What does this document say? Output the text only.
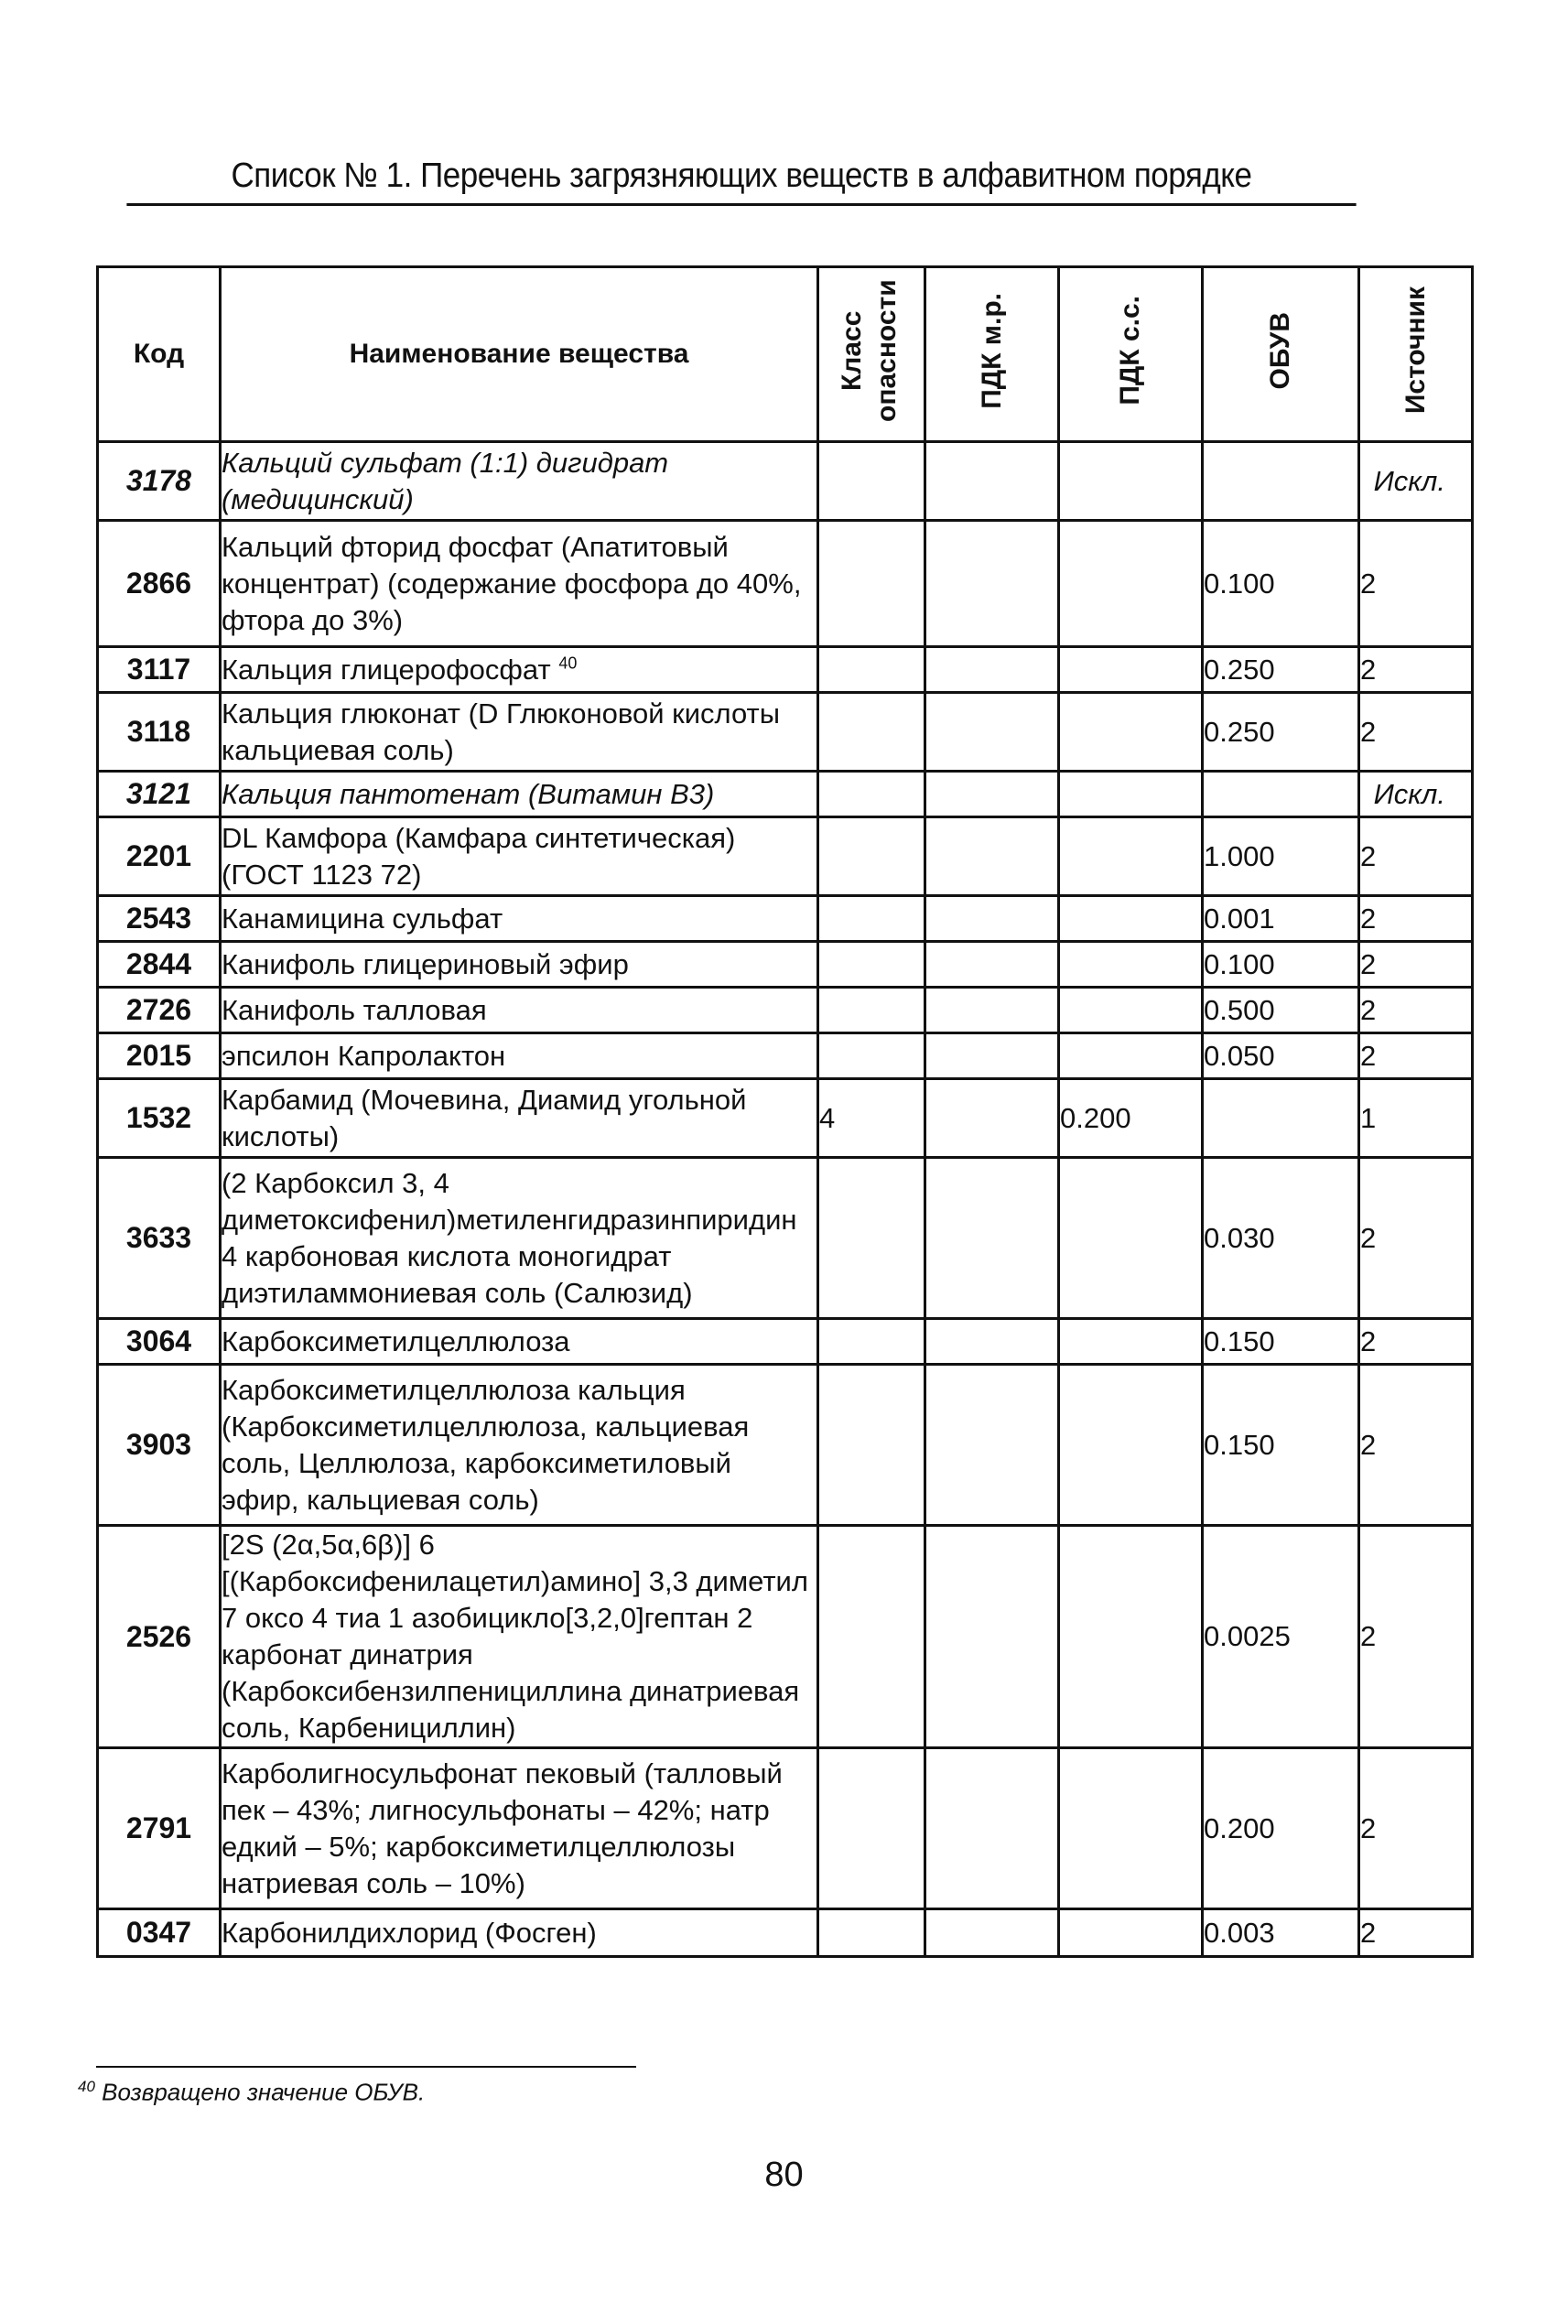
Список № 1. Перечень загрязняющих веществ в алфавитном порядке
Код	Наименование вещества	Класс опасности	ПДК м.р.	ПДК с.с.	ОБУВ	Источник
3178	Кальций сульфат (1:1) дигидрат (медицинский)					Искл.
2866	Кальций фторид фосфат (Апатитовый концентрат) (содержание фосфора до 40%, фтора до 3%)				0.100	2
3117	Кальция глицерофосфат $^{40}$				0.250	2
3118	Кальция глюконат (D Глюконовой кислоты кальциевая соль)				0.250	2
3121	Кальция пантотенат (Витамин B3)					Искл.
2201	DL Камфора (Камфара синтетическая) (ГОСТ 1123 72)				1.000	2
2543	Канамицина сульфат				0.001	2
2844	Канифоль глицериновый эфир				0.100	2
2726	Канифоль талловая				0.500	2
2015	эпсилон Капролактон				0.050	2
1532	Карбамид (Мочевина, Диамид угольной кислоты)	4		0.200		1
3633	(2 Карбоксил 3, 4 диметоксифенил)метиленгидразинпиридин 4 карбоновая кислота моногидрат диэтиламмониевая соль (Салюзид)				0.030	2
3064	Карбоксиметилцеллюлоза				0.150	2
3903	Карбоксиметилцеллюлоза кальция (Карбоксиметилцеллюлоза, кальциевая соль, Целлюлоза, карбоксиметиловый эфир, кальциевая соль)				0.150	2
2526	[2S (2α,5α,6β)] 6 [(Карбоксифенилацетил)амино] 3,3 диметил 7 оксо 4 тиа 1 азобицикло[3,2,0]гептан 2 карбонат динатрия (Карбоксибензилпенициллина динатриевая соль, Карбенициллин)				0.0025	2
2791	Карболигносульфонат пековый (талловый пек – 43%; лигносульфонаты – 42%; натр едкий – 5%; карбоксиметилцеллюлозы натриевая соль – 10%)				0.200	2
0347	Карбонилдихлорид (Фосген)				0.003	2
$^{40}$ Возвращено значение ОБУВ.
80
